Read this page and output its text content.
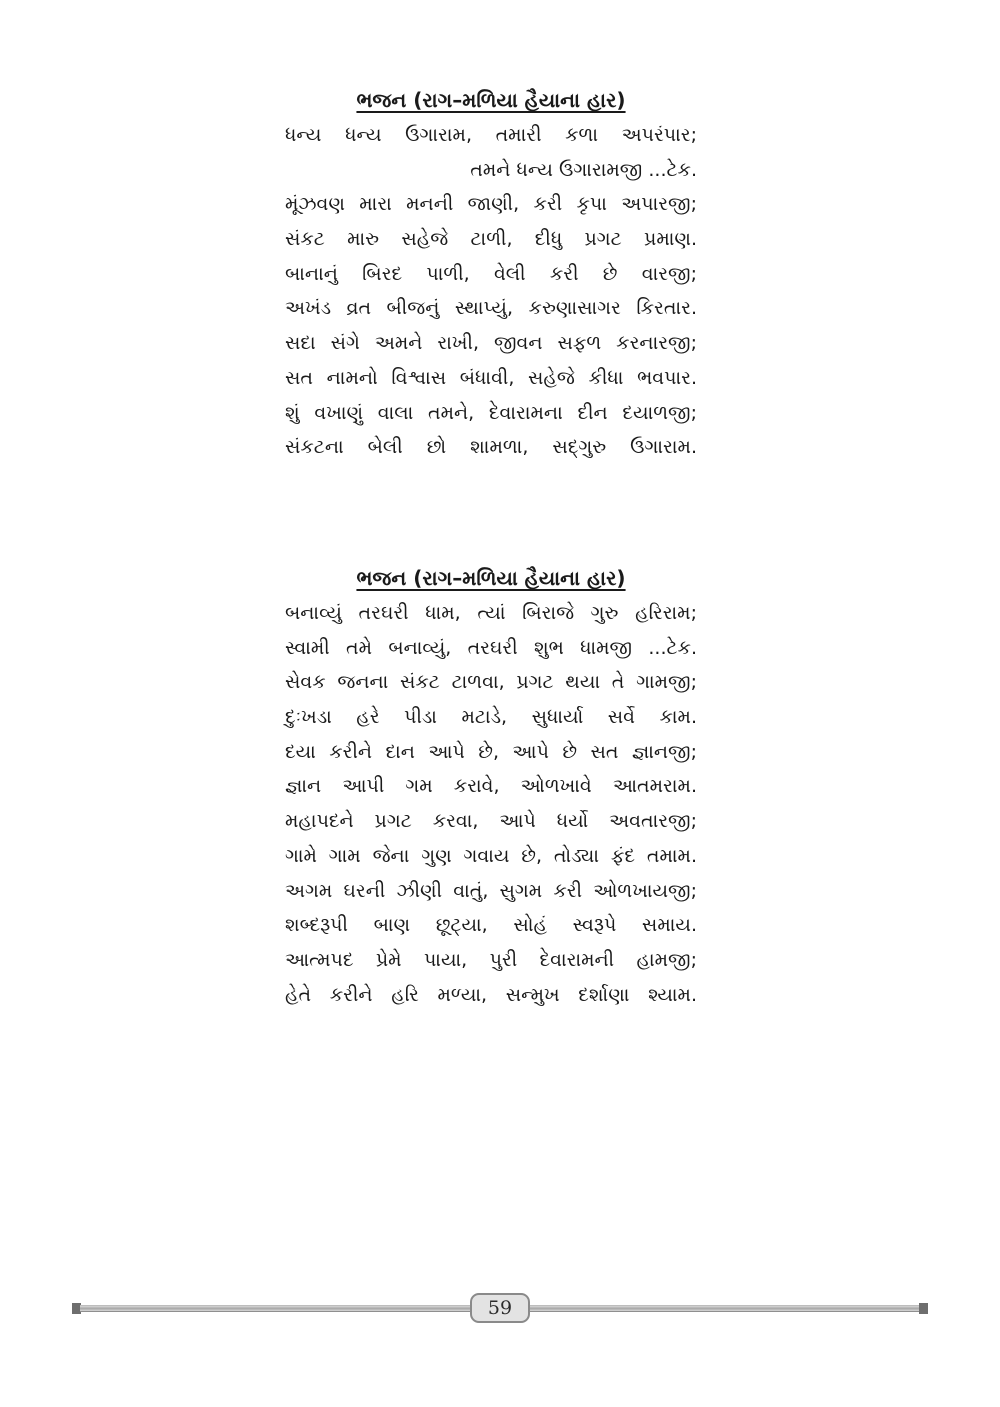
ભજન (રાગ–મળિયા હૈયાના હાર)
ધન્ય ધન્ય ઉગારામ, તમારી કળા અપરંપાર;
તમને ધન્ય ઉગારામજી ...ટેક.
મૂંઝવણ મારા મનની જાણી, કરી કૃપા અપારજી;
સંકટ મારુ સહેજે ટાળી, દીધુ પ્રગટ પ્રમાણ.
બાનાનું બિરદ પાળી, વેલી કરી છે વારજી;
અખંડ વ્રત બીજનું સ્થાપ્યું, કરુણાસાગર કિરતાર.
સદા સંગે અમને રાખી, જીવન સફળ કરનારજી;
સત નામનો વિશ્વાસ બંધાવી, સહેજે કીધા ભવપાર.
શું વખાણું વાલા તમને, દેવારામના દીન દયાળજી;
સંકટના બેલી છો શામળા, સદ્‌ગુરુ ઉગારામ.
ભજન (રાગ–મળિયા હૈયાના હાર)
બનાવ્યું તરઘરી ધામ, ત્યાં બિરાજે ગુરુ હરિરામ;
સ્વામી તમે બનાવ્યું, તરઘરી શુભ ધામજી ...ટેક.
સેવક જનના સંકટ ટાળવા, પ્રગટ થયા તે ગામજી;
દુઃખડા હરે પીડા મટાડે, સુધાર્યા સર્વે કામ.
દયા કરીને દાન આપે છે, આપે છે સત જ્ઞાનજી;
જ્ઞાન આપી ગમ કરાવે, ઓળખાવે આતમરામ.
મહાપદને પ્રગટ કરવા, આપે ધર્યો અવતારજી;
ગામે ગામ જેના ગુણ ગવાય છે, તોડ્યા ફંદ તમામ.
અગમ ઘરની ઝીણી વાતું, સુગમ કરી ઓળખાયજી;
શબ્દરૂપી બાણ છૂટ્યા, સોહં સ્વરૂપે સમાય.
આત્મપદ પ્રેમે પાયા, પુરી દેવારામની હામજી;
હેતે કરીને હરિ મળ્યા, સન્મુખ દર્શાણા શ્યામ.
59
